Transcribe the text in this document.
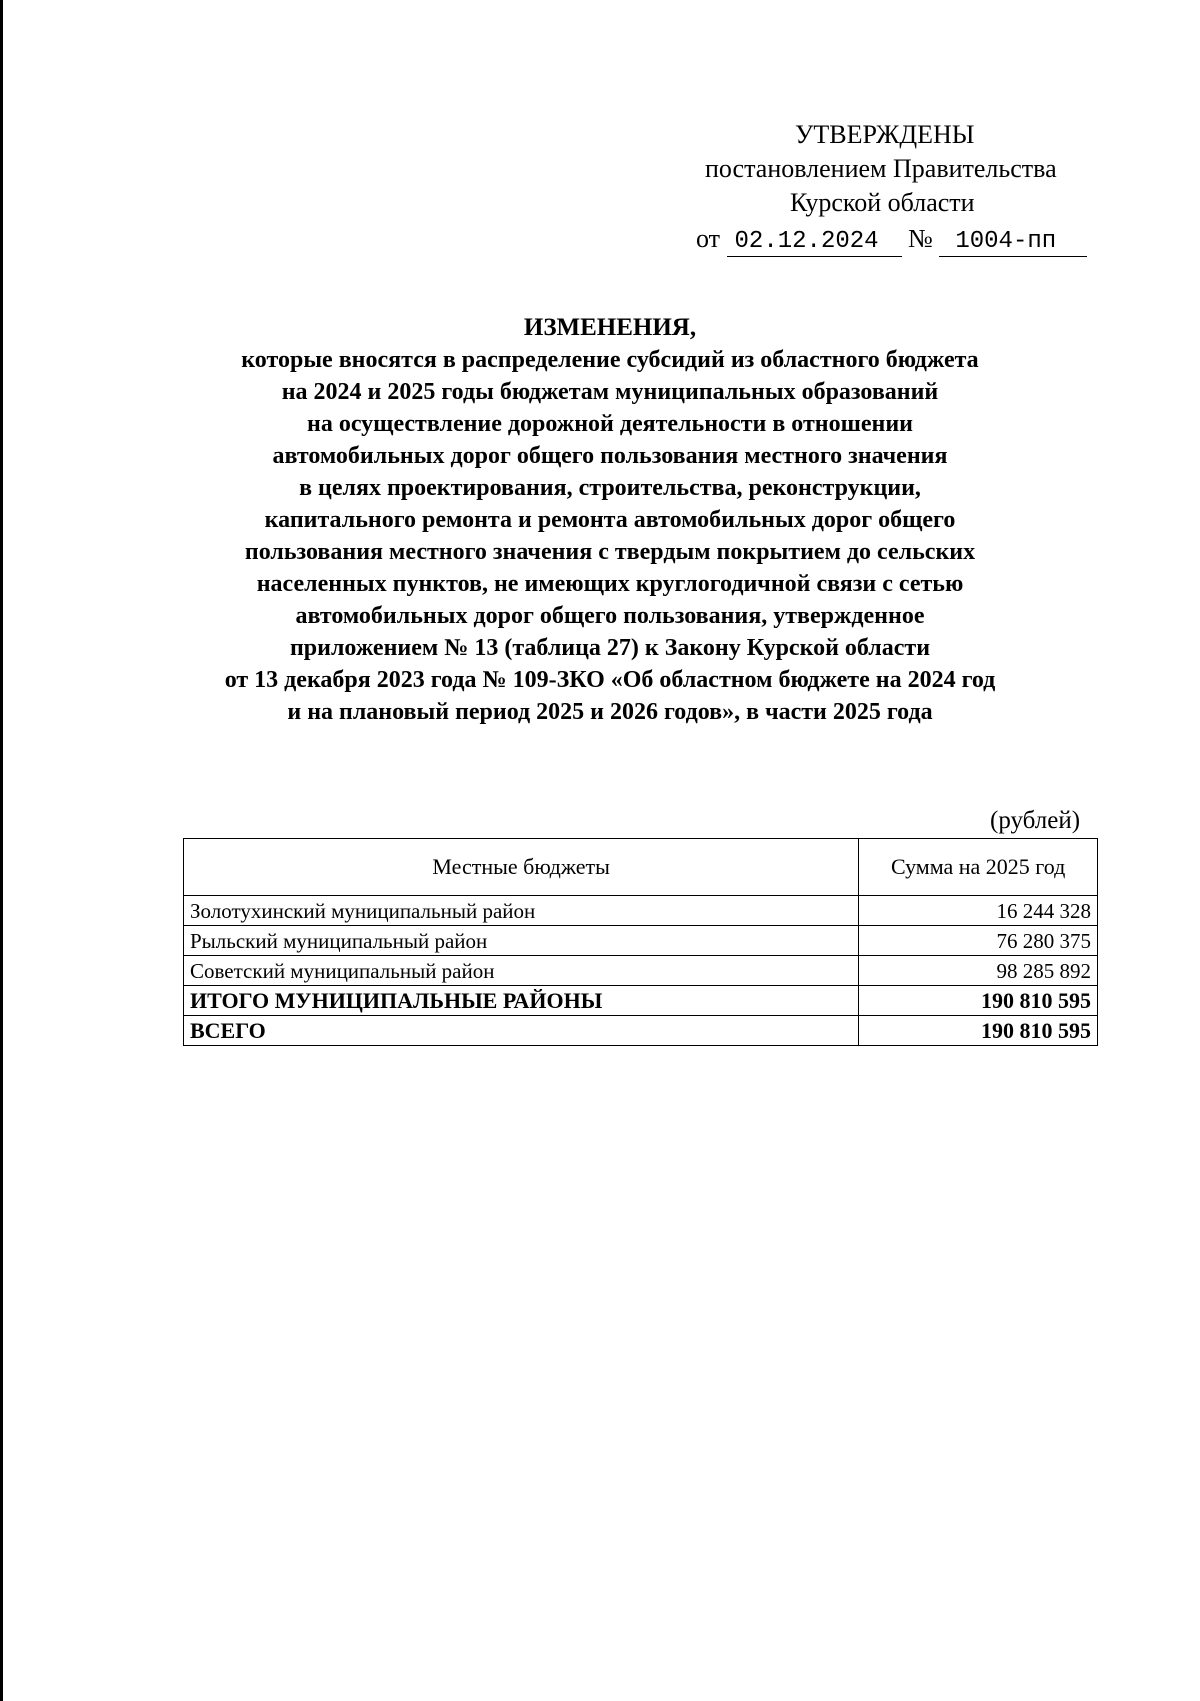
УТВЕРЖДЕНЫ
постановлением Правительства
Курской области
от 02.12.2024 № 1004-пп
ИЗМЕНЕНИЯ,
которые вносятся в распределение субсидий из областного бюджета
на 2024 и 2025 годы бюджетам муниципальных образований
на осуществление дорожной деятельности в отношении
автомобильных дорог общего пользования местного значения
в целях проектирования, строительства, реконструкции,
капитального ремонта и ремонта автомобильных дорог общего
пользования местного значения с твердым покрытием до сельских
населенных пунктов, не имеющих круглогодичной связи с сетью
автомобильных дорог общего пользования, утвержденное
приложением № 13 (таблица 27) к Закону Курской области
от 13 декабря 2023 года № 109-ЗКО «Об областном бюджете на 2024 год
и на плановый период 2025 и 2026 годов», в части 2025 года
(рублей)
Местные бюджеты	Сумма на 2025 год
Золотухинский муниципальный район	16 244 328
Рыльский муниципальный район	76 280 375
Советский муниципальный район	98 285 892
ИТОГО МУНИЦИПАЛЬНЫЕ РАЙОНЫ	190 810 595
ВСЕГО	190 810 595
